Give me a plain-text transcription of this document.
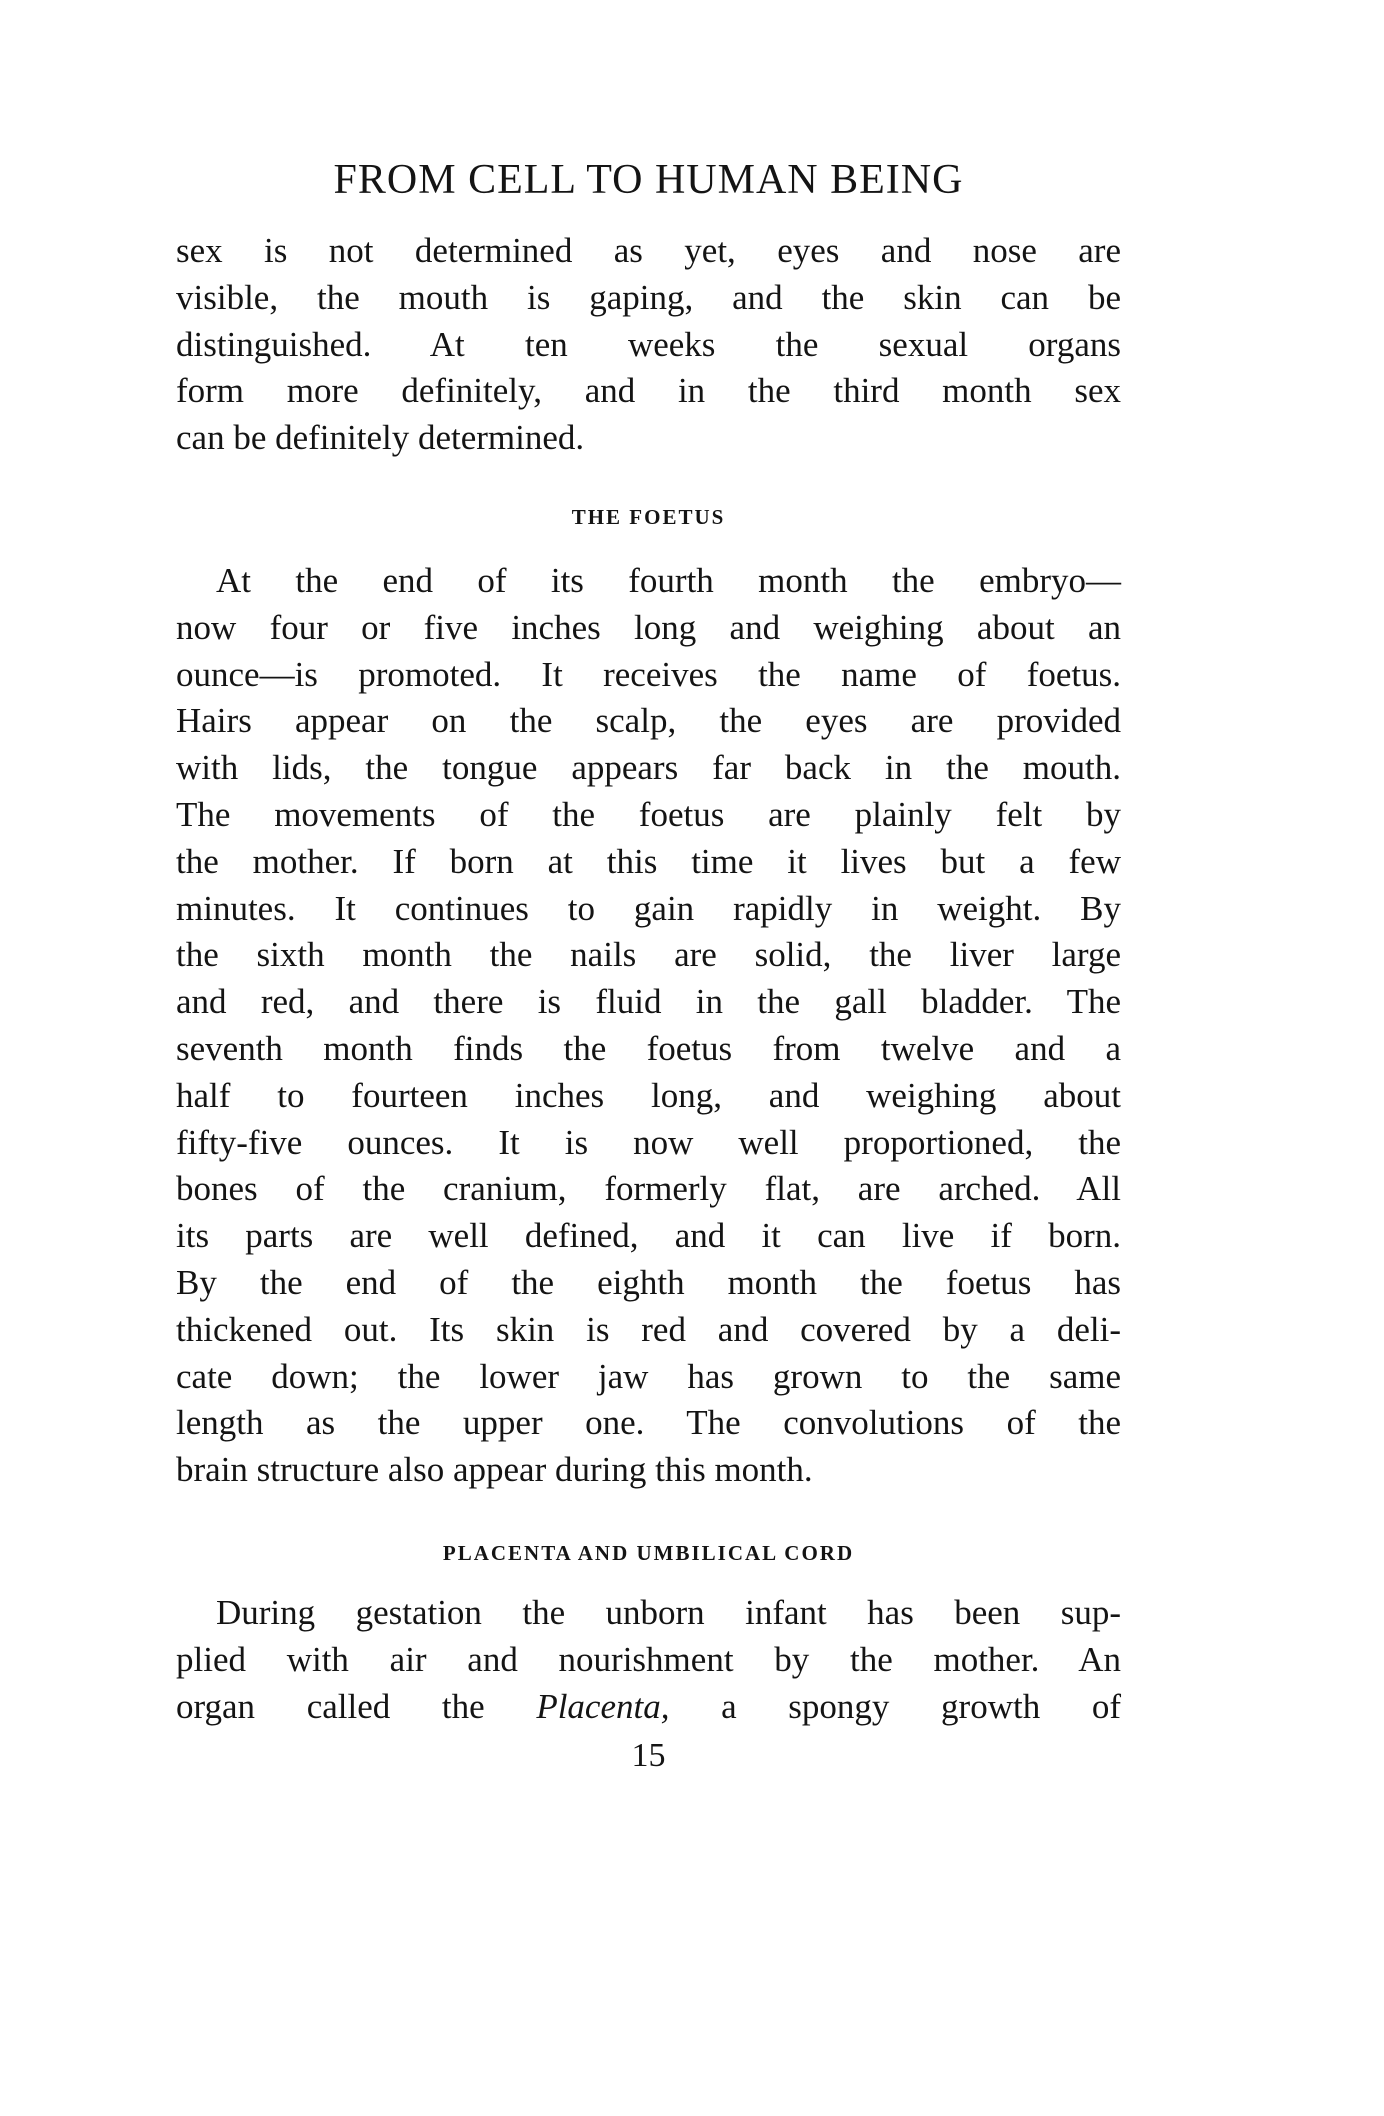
FROM CELL TO HUMAN BEING

sex is not determined as yet, eyes and nose are
visible, the mouth is gaping, and the skin can be
distinguished. At ten weeks the sexual organs
form more definitely, and in the third month sex
can be definitely determined.

THE FOETUS

At the end of its fourth month the embryo—
now four or five inches long and weighing about an
ounce—is promoted. It receives the name of foetus.
Hairs appear on the scalp, the eyes are provided
with lids, the tongue appears far back in the mouth.
The movements of the foetus are plainly felt by
the mother. If born at this time it lives but a few
minutes. It continues to gain rapidly in weight. By
the sixth month the nails are solid, the liver large
and red, and there is fluid in the gall bladder. The
seventh month finds the foetus from twelve and a
half to fourteen inches long, and weighing about
fifty-five ounces. It is now well proportioned, the
bones of the cranium, formerly flat, are arched. All
its parts are well defined, and it can live if born.
By the end of the eighth month the foetus has
thickened out. Its skin is red and covered by a deli-
cate down; the lower jaw has grown to the same
length as the upper one. The convolutions of the
brain structure also appear during this month.

PLACENTA AND UMBILICAL CORD

During gestation the unborn infant has been sup-
plied with air and nourishment by the mother. An
organ called the Placenta, a spongy growth of

15
